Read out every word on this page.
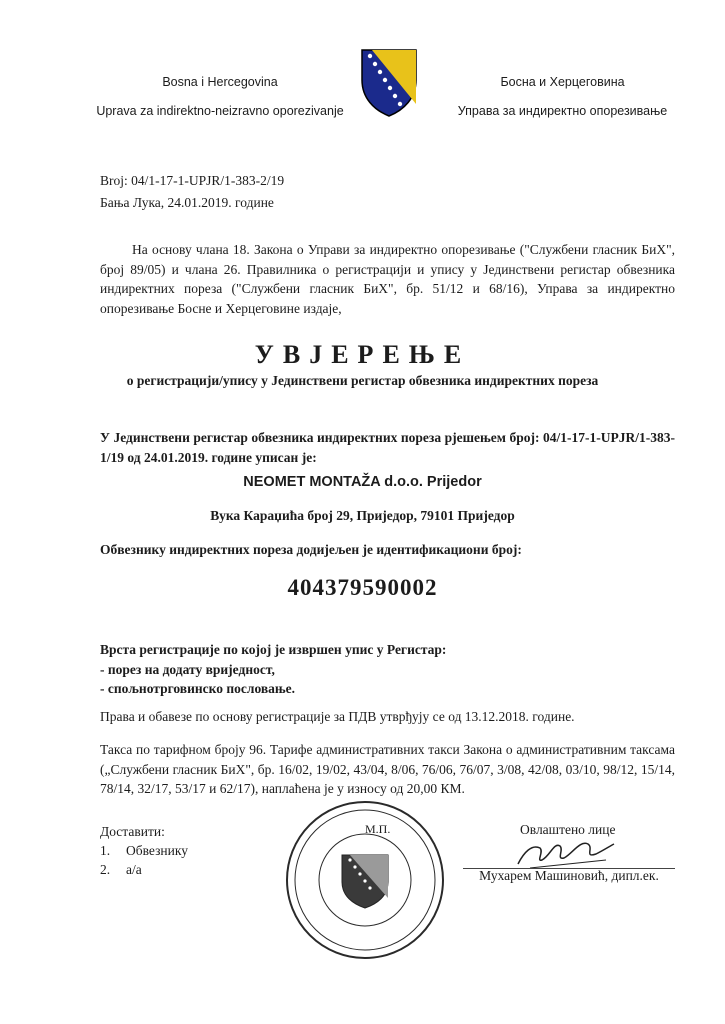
Bosna i Hercegovina
Uprava za indirektno-neizravno oporezivanje
Босна и Херцеговина
Управа за индиректно опорезивање
Broj: 04/1-17-1-UPJR/1-383-2/19
Бања Лука, 24.01.2019. године
На основу члана 18. Закона о Управи за индиректно опорезивање ("Службени гласник БиХ", број 89/05) и члана 26. Правилника о регистрацији и упису у Јединствени регистар обвезника индиректних пореза ("Службени гласник БиХ", бр. 51/12 и 68/16), Управа за индиректно опорезивање Босне и Херцеговине издаје,
УВЈЕРЕЊЕ
о регистрацији/упису у Јединствени регистар обвезника индиректних пореза
У Јединствени регистар обвезника индиректних пореза рјешењем број: 04/1-17-1-UPJR/1-383-1/19 од 24.01.2019. године уписан је:
NEOMET MONTAŽA d.o.o. Prijedor
Вука Караџића број 29, Приједор, 79101 Приједор
Обвезнику индиректних пореза додијељен је идентификациони број:
404379590002
Врста регистрације по којој је извршен упис у Регистар:
- порез на додату вриједност,
- спољнотрговинско пословање.
Права и обавезе по основу регистрације за ПДВ утврђују се од 13.12.2018. године.
Такса по тарифном броју 96. Тарифе административних такси Закона о административним таксама („Службени гласник БиХ", бр. 16/02, 19/02, 43/04, 8/06, 76/06, 76/07, 3/08, 42/08, 03/10, 98/12, 15/14, 78/14, 32/17, 53/17 и 62/17), наплаћена је у износу од 20,00 КМ.
Доставити:
1. Обвезнику
2. а/а
М.П.	Овлаштено лице
Мухарем Машиновић, дипл.ек.
